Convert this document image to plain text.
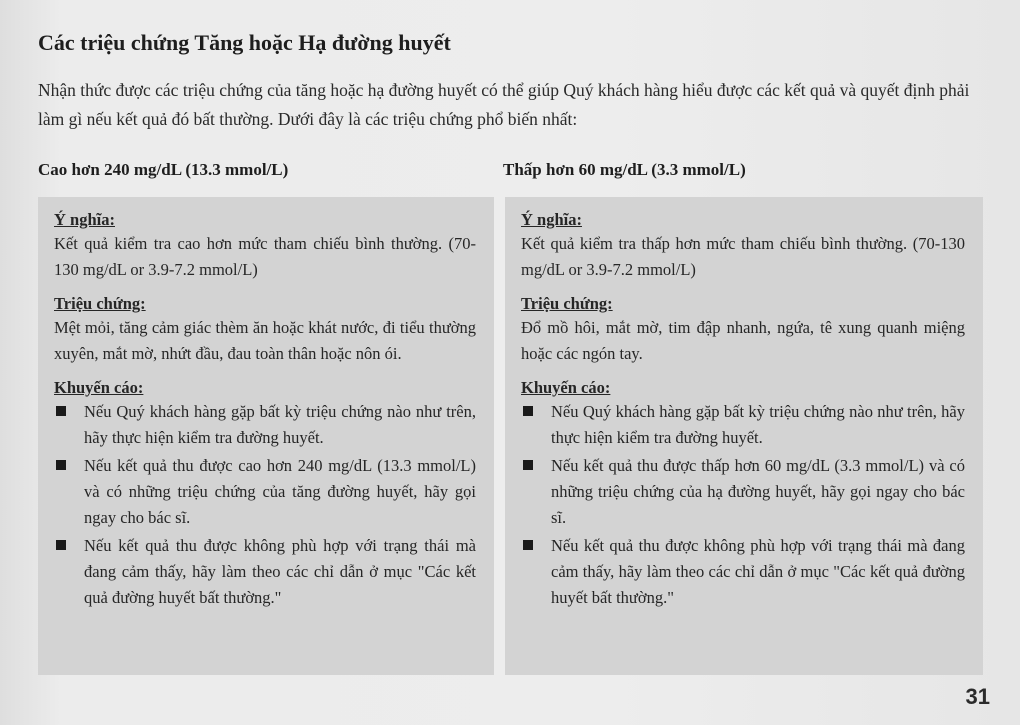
Các triệu chứng Tăng hoặc Hạ đường huyết
Nhận thức được các triệu chứng của tăng hoặc hạ đường huyết có thể giúp Quý khách hàng hiểu được các kết quả và quyết định phải làm gì nếu kết quả đó bất thường. Dưới đây là các triệu chứng phổ biến nhất:
Cao hơn 240 mg/dL (13.3 mmol/L)	Thấp hơn 60 mg/dL (3.3 mmol/L)
Ý nghĩa:
Kết quả kiểm tra cao hơn mức tham chiếu bình thường. (70-130 mg/dL or 3.9-7.2 mmol/L)
Triệu chứng:
Mệt mỏi, tăng cảm giác thèm ăn hoặc khát nước, đi tiểu thường xuyên, mắt mờ, nhứt đầu, đau toàn thân hoặc nôn ói.
Khuyến cáo:
Nếu Quý khách hàng gặp bất kỳ triệu chứng nào như trên, hãy thực hiện kiểm tra đường huyết.
Nếu kết quả thu được cao hơn 240 mg/dL (13.3 mmol/L) và có những triệu chứng của tăng đường huyết, hãy gọi ngay cho bác sĩ.
Nếu kết quả thu được không phù hợp với trạng thái mà đang cảm thấy, hãy làm theo các chỉ dẫn ở mục "Các kết quả đường huyết bất thường."
Ý nghĩa:
Kết quả kiểm tra thấp hơn mức tham chiếu bình thường. (70-130 mg/dL or 3.9-7.2 mmol/L)
Triệu chứng:
Đổ mồ hôi, mắt mờ, tim đập nhanh, ngứa, tê xung quanh miệng hoặc các ngón tay.
Khuyến cáo:
Nếu Quý khách hàng gặp bất kỳ triệu chứng nào như trên, hãy thực hiện kiểm tra đường huyết.
Nếu kết quả thu được thấp hơn 60 mg/dL (3.3 mmol/L) và có những triệu chứng của hạ đường huyết, hãy gọi ngay cho bác sĩ.
Nếu kết quả thu được không phù hợp với trạng thái mà đang cảm thấy, hãy làm theo các chỉ dẫn ở mục "Các kết quả đường huyết bất thường."
31
